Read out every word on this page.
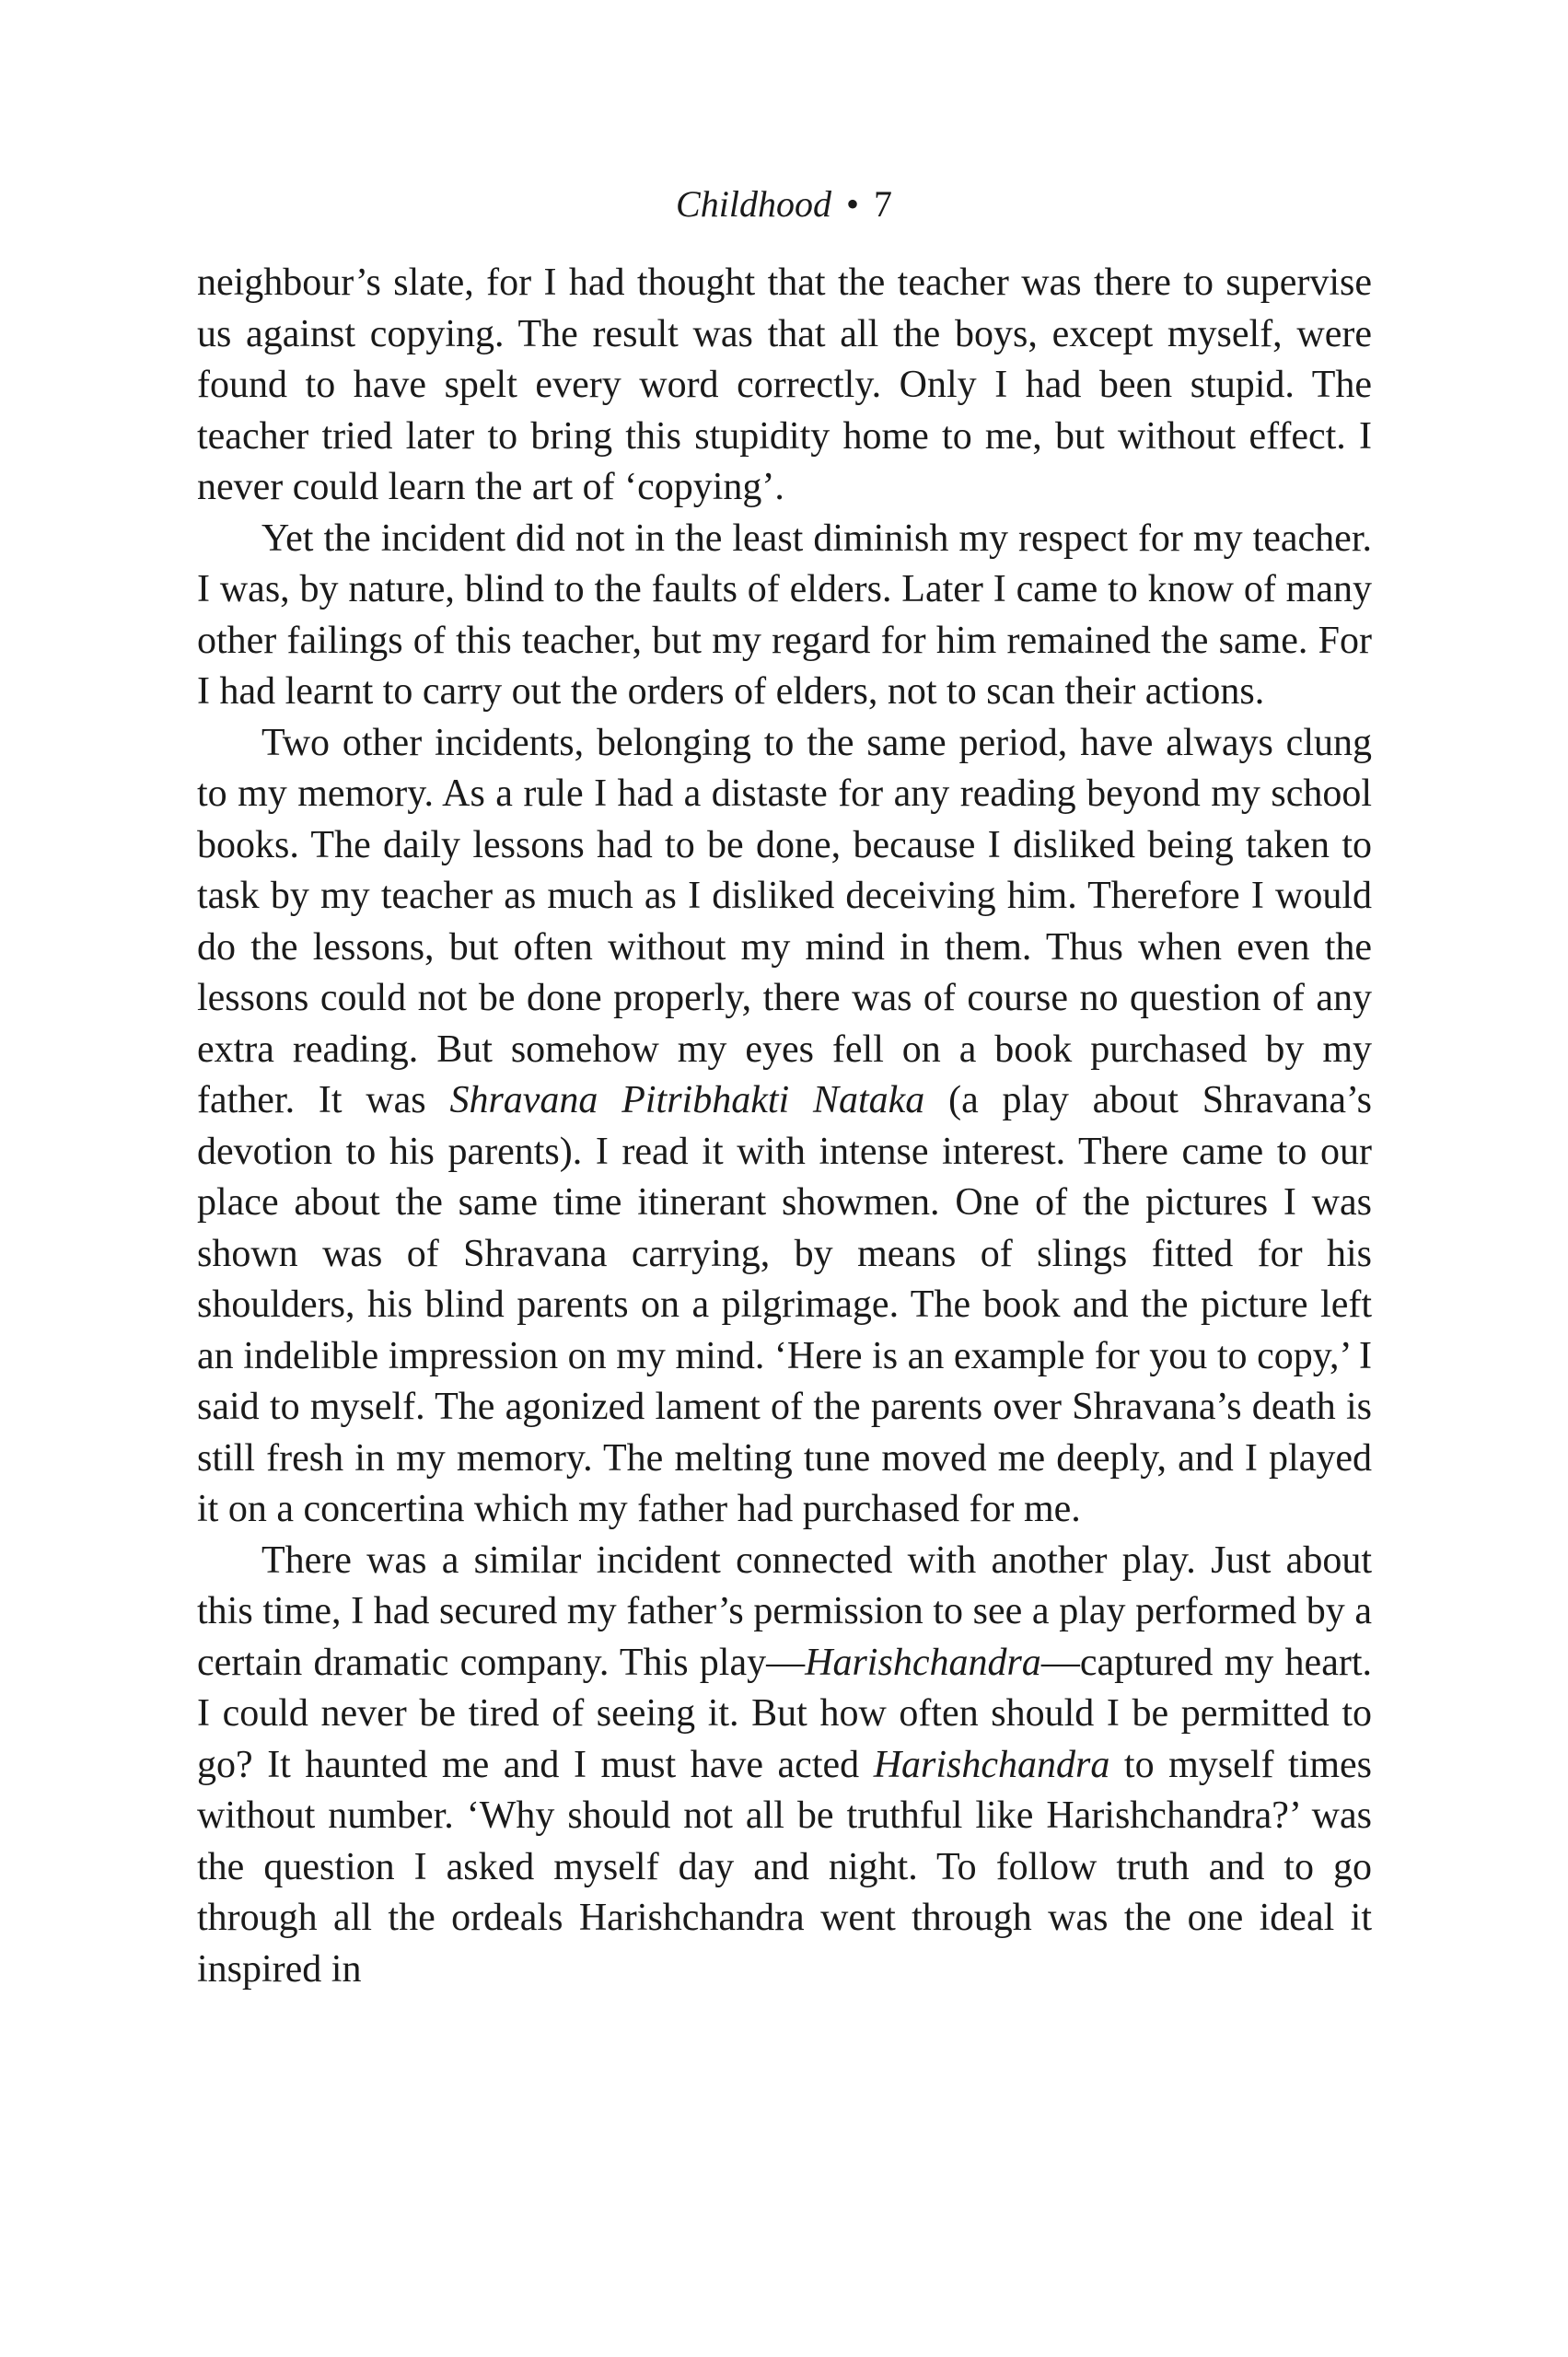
Childhood • 7

neighbour’s slate, for I had thought that the teacher was there to supervise us against copying. The result was that all the boys, except myself, were found to have spelt every word correctly. Only I had been stupid. The teacher tried later to bring this stupidity home to me, but without effect. I never could learn the art of ‘copying’.

Yet the incident did not in the least diminish my respect for my teacher. I was, by nature, blind to the faults of elders. Later I came to know of many other failings of this teacher, but my regard for him remained the same. For I had learnt to carry out the orders of elders, not to scan their actions.

Two other incidents, belonging to the same period, have always clung to my memory. As a rule I had a distaste for any reading beyond my school books. The daily lessons had to be done, because I disliked being taken to task by my teacher as much as I disliked deceiving him. Therefore I would do the lessons, but often without my mind in them. Thus when even the lessons could not be done properly, there was of course no question of any extra reading. But somehow my eyes fell on a book purchased by my father. It was Shravana Pitribhakti Nataka (a play about Shravana’s devotion to his parents). I read it with intense interest. There came to our place about the same time itinerant showmen. One of the pictures I was shown was of Shravana carrying, by means of slings fitted for his shoulders, his blind parents on a pilgrimage. The book and the picture left an indelible impression on my mind. ‘Here is an example for you to copy,’ I said to myself. The agonized lament of the parents over Shravana’s death is still fresh in my memory. The melting tune moved me deeply, and I played it on a concertina which my father had purchased for me.

There was a similar incident connected with another play. Just about this time, I had secured my father’s permission to see a play performed by a certain dramatic company. This play—Harishchandra—captured my heart. I could never be tired of seeing it. But how often should I be permitted to go? It haunted me and I must have acted Harishchandra to myself times without number. ‘Why should not all be truthful like Harishchandra?’ was the question I asked myself day and night. To follow truth and to go through all the ordeals Harishchandra went through was the one ideal it inspired in
